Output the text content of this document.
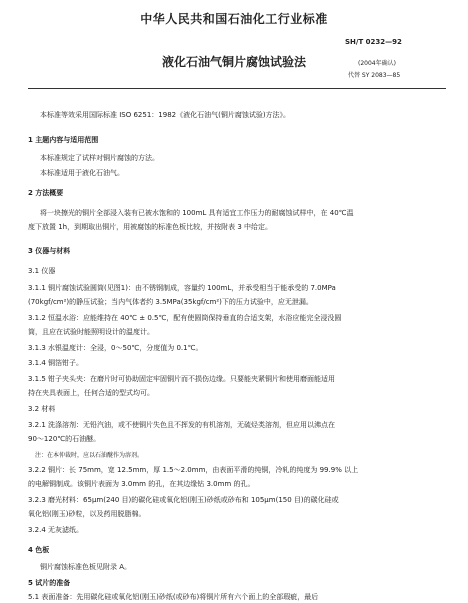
中华人民共和国石油化工行业标准
SH/T 0232—92
液化石油气铜片腐蚀试验法	(2004年确认)
代替 SY 2083—85
本标准等效采用国际标准 ISO 6251：1982《液化石油气(铜片腐蚀试验)方法》。
1 主题内容与适用范围
本标准规定了试样对铜片腐蚀的方法。
本标准适用于液化石油气。
2 方法概要
将一块擦光的铜片全部浸入装有已被水饱和的 100mL 具有适宜工作压力的耐腐蚀试样中，在 40℃温
度下放置 1h，到期取出铜片，用被腐蚀的标准色板比较，并按附表 3 中给定。
3 仪器与材料
3.1 仪器
3.1.1 铜片腐蚀试验圆筒(见图1)：由不锈钢制成，容量约 100mL，并承受相当于能承受的 7.0MPa
(70kgf/cm²)的静压试验；当内气体者约 3.5MPa(35kgf/cm²)下的压力试验中，应无泄漏。
3.1.2 恒温水浴：应能维持在 40℃ ± 0.5℃，配有使圆筒保持垂直的合适支架，水浴应能完全浸没圆
筒，且应在试验时能照明设计的温度计。
3.1.3 水银温度计：全浸，0～50℃，分度值为 0.1℃。
3.1.4 铜箔钳子。
3.1.5 钳子夹头夹：在磨片时可协助固定牢固铜片而不损伤边缘。只要能夹紧铜片和使用磨面能适用
持在夹具表面上，任何合适的型式均可。
3.2 材料
3.2.1 洗涤溶剂：无铅汽油，或不使铜片失色且不挥发的有机溶剂，无硫烃类溶剂，但应用以沸点在
90～120℃的石油醚。
注：在本仲裁时，应以石油醚作为溶剂。
3.2.2 铜片：长 75mm，宽 12.5mm，厚 1.5～2.0mm，由表面平滑的纯铜，冷轧的纯度为 99.9% 以上
的电解铜制成。该铜片表面为 3.0mm 的孔，在其边缘钻 3.0mm 的孔。
3.2.3 磨光材料：65μm(240 目)的碳化硅或氧化铝(刚玉)砂纸或砂布和 105μm(150 目)的碳化硅或
氧化铝(刚玉)砂粒，以及药用脱脂棉。
3.2.4 无灰滤纸。
4 色板
铜片腐蚀标准色板见附录 A。
5 试片的准备
5.1 表面准备：先用碳化硅或氧化铝(刚玉)砂纸(或砂布)将铜片所有六个面上的全部瑕疵，最后
